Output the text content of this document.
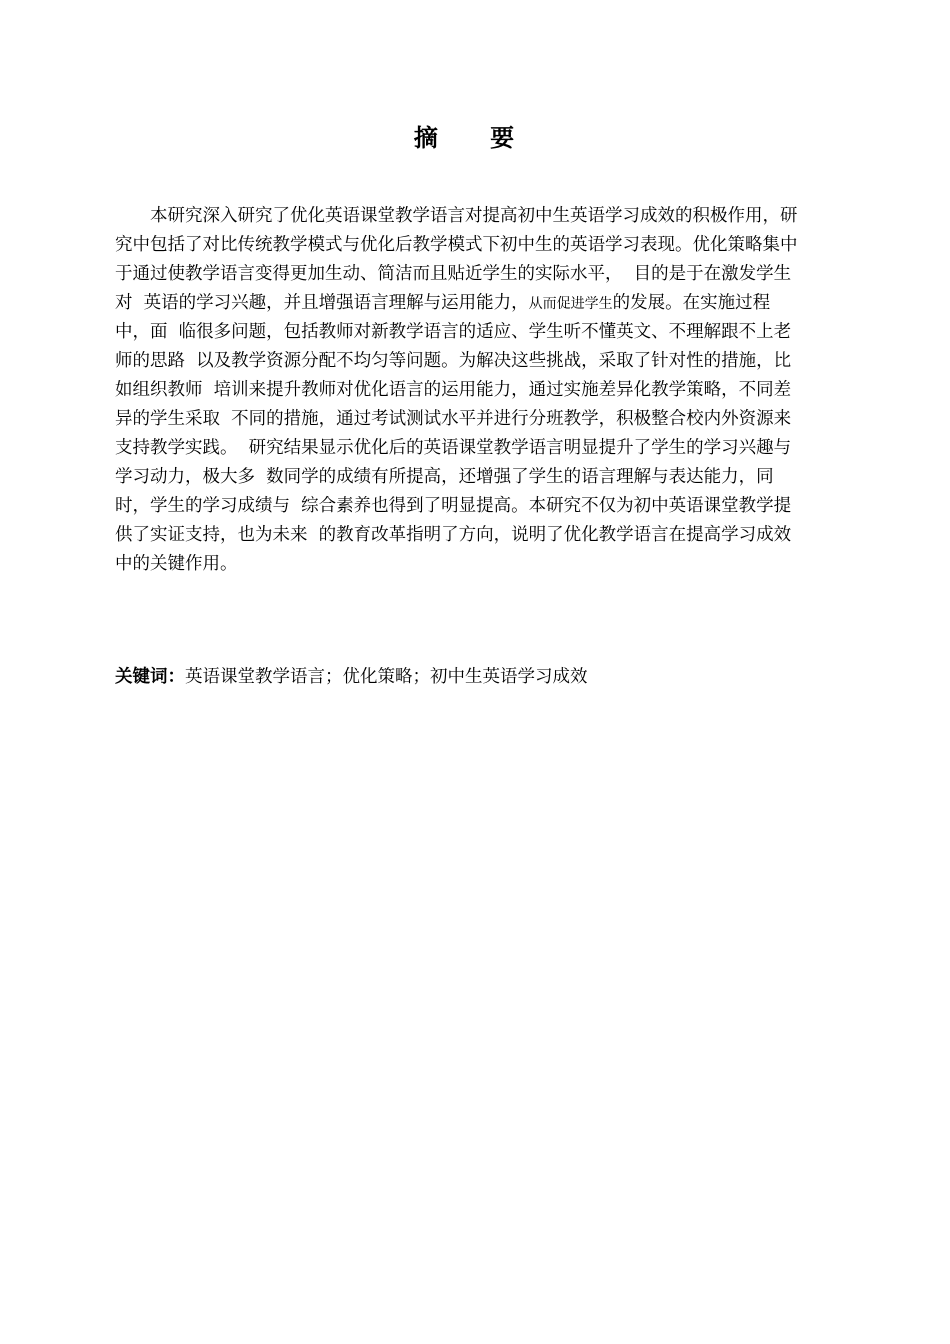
摘 要
本研究深入研究了优化英语课堂教学语言对提高初中生英语学习成效的积极作用，研
究中包括了对比传统教学模式与优化后教学模式下初中生的英语学习表现。优化策略集中
于通过使教学语言变得更加生动、简洁而且贴近学生的实际水平，  目的是于在激发学生
对  英语的学习兴趣，并且增强语言理解与运用能力，从而促进学生的发展。在实施过程
中，面  临很多问题，包括教师对新教学语言的适应、学生听不懂英文、不理解跟不上老
师的思路  以及教学资源分配不均匀等问题。为解决这些挑战，采取了针对性的措施，比
如组织教师  培训来提升教师对优化语言的运用能力，通过实施差异化教学策略，不同差
异的学生采取  不同的措施，通过考试测试水平并进行分班教学，积极整合校内外资源来
支持教学实践。  研究结果显示优化后的英语课堂教学语言明显提升了学生的学习兴趣与
学习动力，极大多  数同学的成绩有所提高，还增强了学生的语言理解与表达能力，同
时，学生的学习成绩与  综合素养也得到了明显提高。本研究不仅为初中英语课堂教学提
供了实证支持，也为未来  的教育改革指明了方向，说明了优化教学语言在提高学习成效
中的关键作用。
关键词：英语课堂教学语言；优化策略；初中生英语学习成效
